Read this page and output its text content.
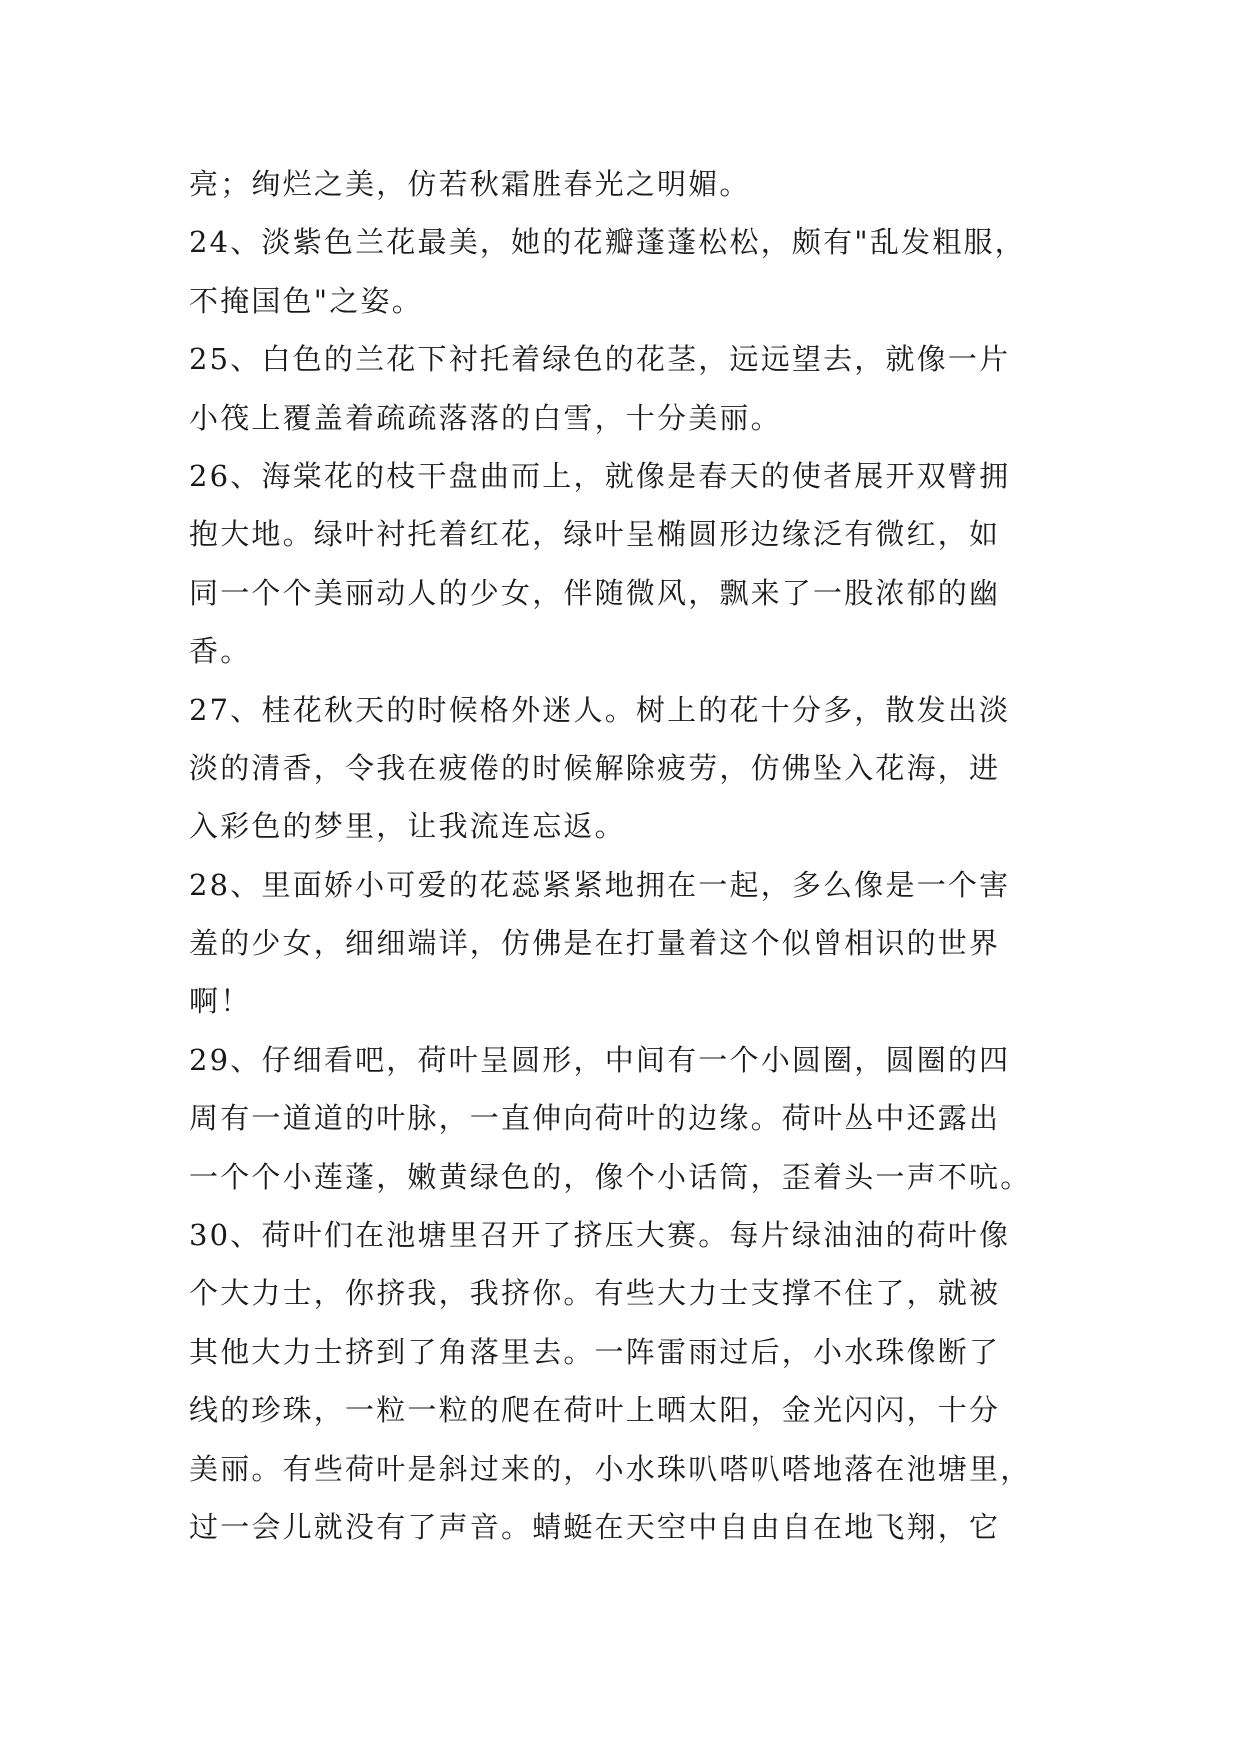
亮；绚烂之美，仿若秋霜胜春光之明媚。
24、淡紫色兰花最美，她的花瓣蓬蓬松松，颇有"乱发粗服，
不掩国色"之姿。
25、白色的兰花下衬托着绿色的花茎，远远望去，就像一片
小筏上覆盖着疏疏落落的白雪，十分美丽。
26、海棠花的枝干盘曲而上，就像是春天的使者展开双臂拥
抱大地。绿叶衬托着红花，绿叶呈椭圆形边缘泛有微红，如
同一个个美丽动人的少女，伴随微风，飘来了一股浓郁的幽
香。
27、桂花秋天的时候格外迷人。树上的花十分多，散发出淡
淡的清香，令我在疲倦的时候解除疲劳，仿佛坠入花海，进
入彩色的梦里，让我流连忘返。
28、里面娇小可爱的花蕊紧紧地拥在一起，多么像是一个害
羞的少女，细细端详，仿佛是在打量着这个似曾相识的世界
啊！
29、仔细看吧，荷叶呈圆形，中间有一个小圆圈，圆圈的四
周有一道道的叶脉，一直伸向荷叶的边缘。荷叶丛中还露出
一个个小莲蓬，嫩黄绿色的，像个小话筒，歪着头一声不吭。
30、荷叶们在池塘里召开了挤压大赛。每片绿油油的荷叶像
个大力士，你挤我，我挤你。有些大力士支撑不住了，就被
其他大力士挤到了角落里去。一阵雷雨过后，小水珠像断了
线的珍珠，一粒一粒的爬在荷叶上晒太阳，金光闪闪，十分
美丽。有些荷叶是斜过来的，小水珠叭嗒叭嗒地落在池塘里，
过一会儿就没有了声音。蜻蜓在天空中自由自在地飞翔，它
